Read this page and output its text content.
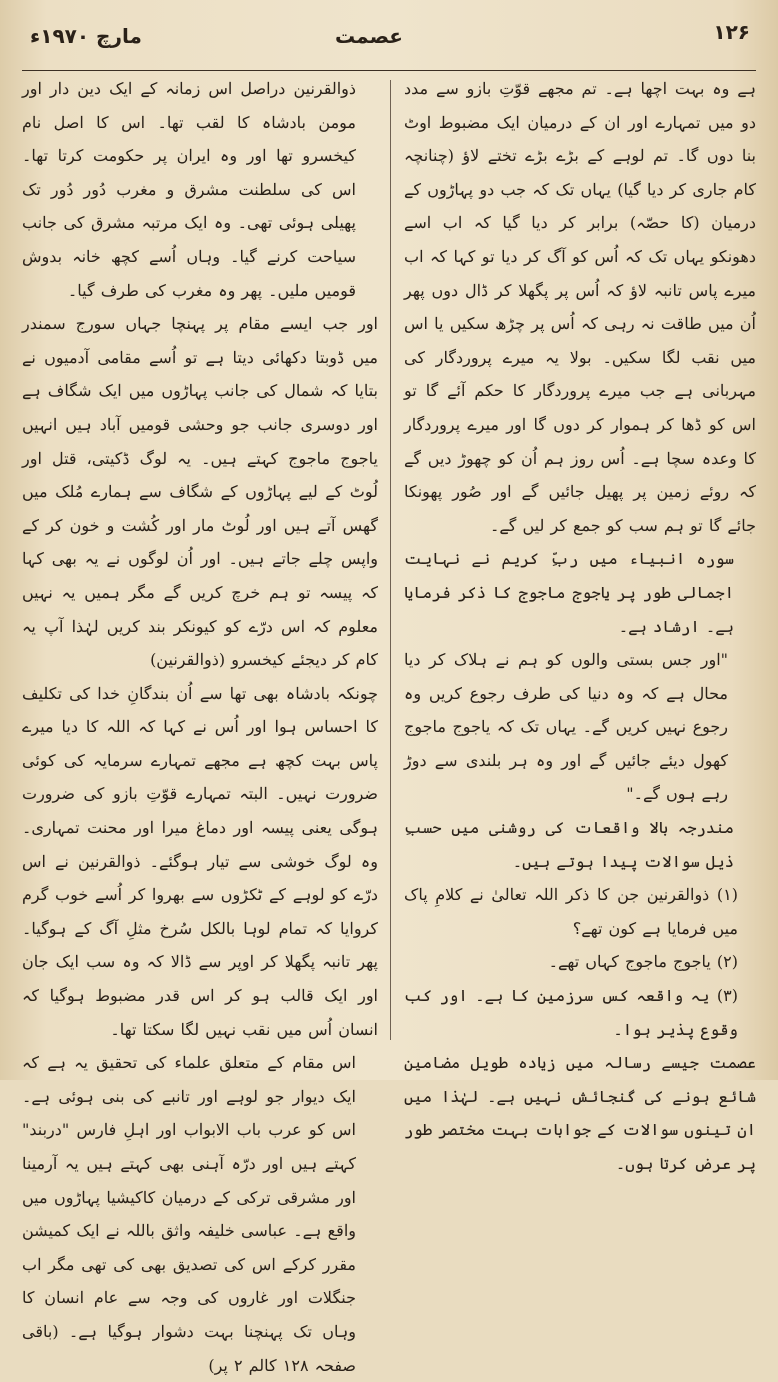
مارچ ۱۹۷۰ء	عصمت	۱۲۶

ہے وہ بہت اچھا ہے۔ تم مجھے قوّتِ بازو سے مدد دو میں تمہارے اور ان کے درمیان ایک مضبوط اوٹ بنا دوں گا۔ تم لوہے کے بڑے بڑے تختے لاؤ (چنانچہ کام جاری کر دیا گیا) یہاں تک کہ جب دو پہاڑوں کے درمیان (کا حصّہ) برابر کر دیا گیا کہ اب اسے دھونکو یہاں تک کہ اُس کو آگ کر دیا تو کہا کہ اب میرے پاس تانبہ لاؤ کہ اُس پر پگھلا کر ڈال دوں پھر اُن میں طاقت نہ رہی کہ اُس پر چڑھ سکیں یا اس میں نقب لگا سکیں۔ بولا یہ میرے پروردگار کی مہربانی ہے جب میرے پروردگار کا حکم آئے گا تو اس کو ڈھا کر ہموار کر دوں گا اور میرے پروردگار کا وعدہ سچا ہے۔ اُس روز ہم اُن کو چھوڑ دیں گے کہ روئے زمین پر پھیل جائیں گے اور صُور پھونکا جائے گا تو ہم سب کو جمع کر لیں گے۔

سورہ انبیاء میں ربِّ کریم نے نہایت اجمالی طور پر یاجوج ماجوج کا ذکر فرمایا ہے۔ ارشاد ہے۔

"اور جس بستی والوں کو ہم نے ہلاک کر دیا محال ہے کہ وہ دنیا کی طرف رجوع کریں وہ رجوع نہیں کریں گے۔ یہاں تک کہ یاجوج ماجوج کھول دیئے جائیں گے اور وہ ہر بلندی سے دوڑ رہے ہوں گے۔"

مندرجہ بالا واقعات کی روشنی میں حسبِ ذیل سوالات پیدا ہوتے ہیں۔

(۱) ذوالقرنین جن کا ذکر اللہ تعالیٰ نے کلامِ پاک میں فرمایا ہے کون تھے؟

(۲) یاجوج ماجوج کہاں تھے۔

(۳) یہ واقعہ کس سرزمین کا ہے۔ اور کب وقوع پذیر ہوا۔

عصمت جیسے رسالہ میں زیادہ طویل مضامین شائع ہونے کی گنجائش نہیں ہے۔ لہٰذا میں ان تینوں سوالات کے جوابات بہت مختصر طور پر عرض کرتا ہوں۔

ذوالقرنین دراصل اس زمانہ کے ایک دین دار اور مومن بادشاہ کا لقب تھا۔ اس کا اصل نام کیخسرو تھا اور وہ ایران پر حکومت کرتا تھا۔ اس کی سلطنت مشرق و مغرب دُور دُور تک پھیلی ہوئی تھی۔ وہ ایک مرتبہ مشرق کی جانب سیاحت کرنے گیا۔ وہاں اُسے کچھ خانہ بدوش قومیں ملیں۔ پھر وہ مغرب کی طرف گیا۔

اور جب ایسے مقام پر پہنچا جہاں سورج سمندر میں ڈوبتا دکھائی دیتا ہے تو اُسے مقامی آدمیوں نے بتایا کہ شمال کی جانب پہاڑوں میں ایک شگاف ہے اور دوسری جانب جو وحشی قومیں آباد ہیں انہیں یاجوج ماجوج کہتے ہیں۔ یہ لوگ ڈکیتی، قتل اور لُوٹ کے لیے پہاڑوں کے شگاف سے ہمارے مُلک میں گھس آتے ہیں اور لُوٹ مار اور کُشت و خون کر کے واپس چلے جاتے ہیں۔ اور اُن لوگوں نے یہ بھی کہا کہ پیسہ تو ہم خرچ کریں گے مگر ہمیں یہ نہیں معلوم کہ اس درّے کو کیونکر بند کریں لہٰذا آپ یہ کام کر دیجئے کیخسرو (ذوالقرنین)

چونکہ بادشاہ بھی تھا سے اُن بندگانِ خدا کی تکلیف کا احساس ہوا اور اُس نے کہا کہ اللہ کا دیا میرے پاس بہت کچھ ہے مجھے تمہارے سرمایہ کی کوئی ضرورت نہیں۔ البتہ تمہارے قوّتِ بازو کی ضرورت ہوگی یعنی پیسہ اور دماغ میرا اور محنت تمہاری۔ وہ لوگ خوشی سے تیار ہوگئے۔ ذوالقرنین نے اس درّے کو لوہے کے ٹکڑوں سے بھروا کر اُسے خوب گرم کروایا کہ تمام لوہا بالکل سُرخ مثلِ آگ کے ہوگیا۔ پھر تانبہ پگھلا کر اوپر سے ڈالا کہ وہ سب ایک جان اور ایک قالب ہو کر اس قدر مضبوط ہوگیا کہ انسان اُس میں نقب نہیں لگا سکتا تھا۔

اس مقام کے متعلق علماء کی تحقیق یہ ہے کہ ایک دیوار جو لوہے اور تانبے کی بنی ہوئی ہے۔ اس کو عرب باب الابواب اور اہلِ فارس "دربند" کہتے ہیں اور درّہ آہنی بھی کہتے ہیں یہ آرمینا اور مشرقی ترکی کے درمیان کاکیشیا پہاڑوں میں واقع ہے۔ عباسی خلیفہ واثق باللہ نے ایک کمیشن مقرر کرکے اس کی تصدیق بھی کی تھی مگر اب جنگلات اور غاروں کی وجہ سے عام انسان کا وہاں تک پہنچنا بہت دشوار ہوگیا ہے۔ (باقی صفحہ ۱۲۸ کالم ۲ پر)
